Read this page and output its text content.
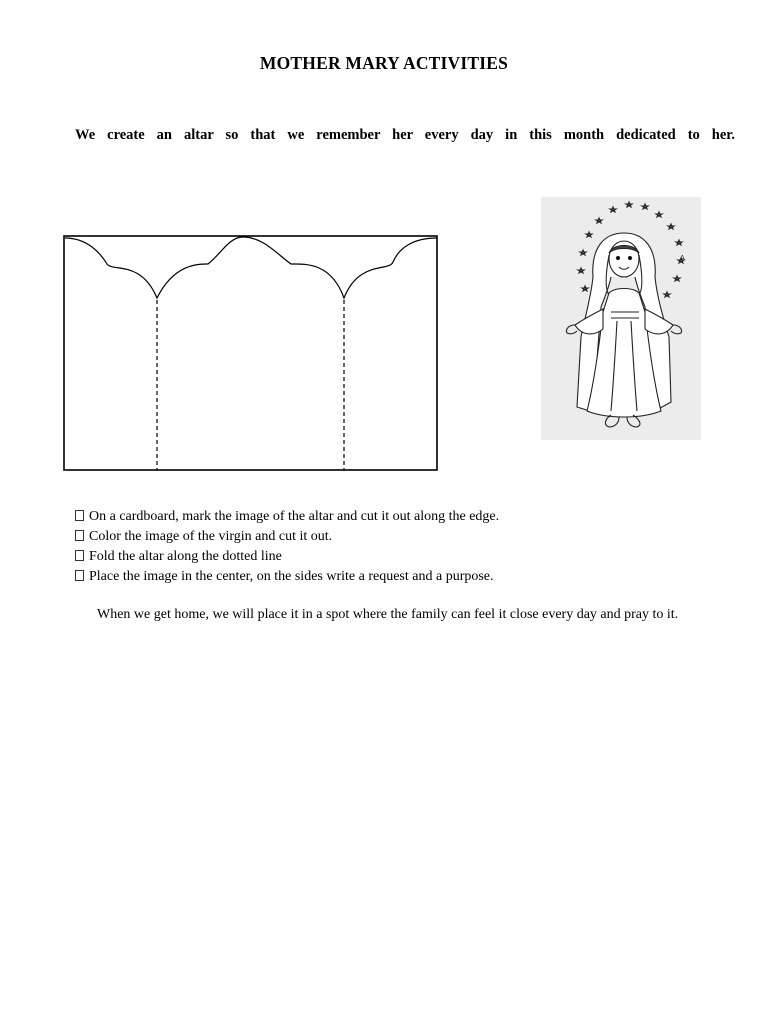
MOTHER MARY ACTIVITIES
We create an altar so that we remember her every day in this month dedicated to her.
A
On a cardboard, mark the image of the altar and cut it out along the edge.
Color the image of the virgin and cut it out.
Fold the altar along the dotted line
Place the image in the center, on the sides write a request and a purpose.
When we get home, we will place it in a spot where the family can feel it close every day and pray to it.
